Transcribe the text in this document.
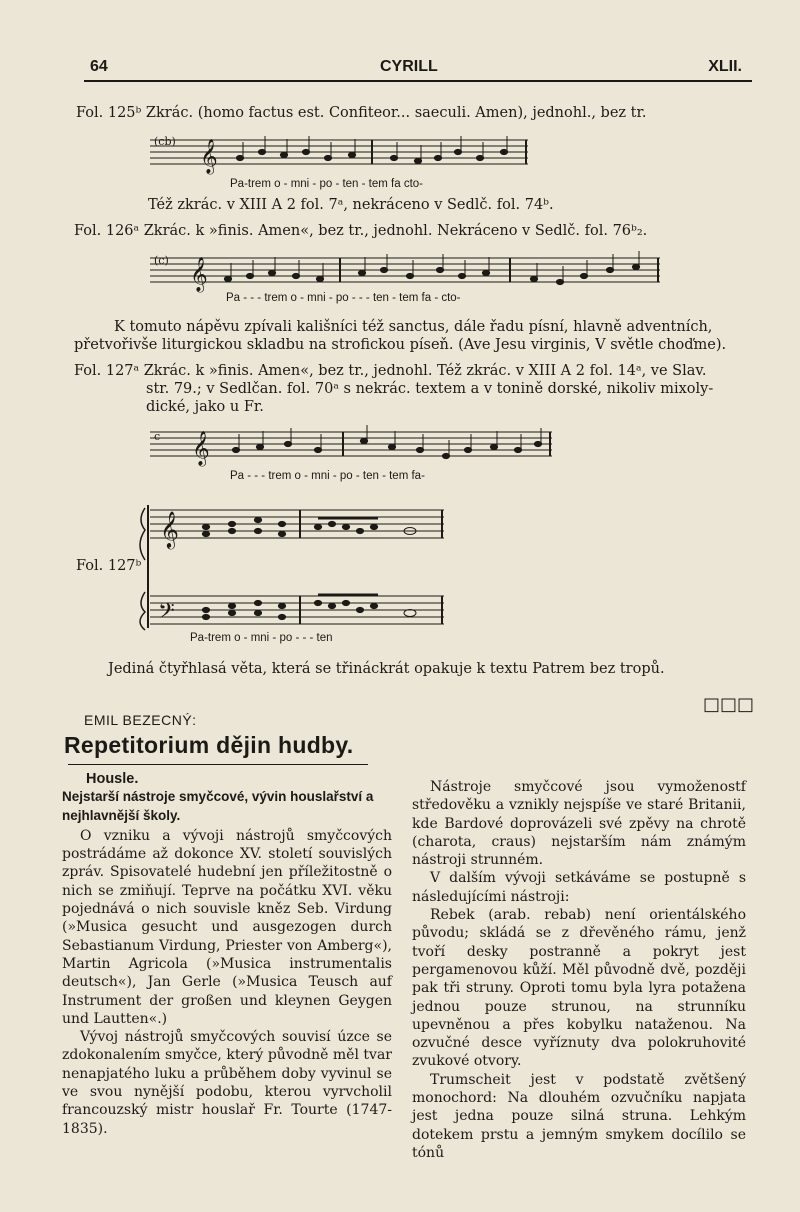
64	CYRILL	XLII.
(cb) 𝄞
(c) 𝄞
c 𝄞
𝄞
𝄢
Fol. 125ᵇ Zkrác. (homo factus est. Confiteor... saeculi. Amen), jednohl., bez tr.
Pa-trem o - mni - po - ten - tem fa cto-
Též zkrác. v XIII A 2 fol. 7ᵃ, nekráceno v Sedlč. fol. 74ᵇ.
Fol. 126ᵃ Zkrác. k »finis. Amen«, bez tr., jednohl. Nekráceno v Sedlč. fol. 76ᵇ₂.
Pa - - - trem o - mni - po - - - ten - tem fa - cto-
K tomuto nápěvu zpívali kališníci též sanctus, dále řadu písní, hlavně adventních,
přetvořivše liturgickou skladbu na strofickou píseň. (Ave Jesu virginis, V světle choďme).
Fol. 127ᵃ Zkrác. k »finis. Amen«, bez tr., jednohl. Též zkrác. v XIII A 2 fol. 14ᵃ, ve Slav.
str. 79.; v Sedlčan. fol. 70ᵃ s nekrác. textem a v tonině dorské, nikoliv mixoly-
dické, jako u Fr.
Pa - - - trem o - mni - po - ten - tem fa-
Fol. 127ᵇ
Pa-trem o - mni - po - - - ten
Jediná čtyřhlasá věta, která se třináckrát opakuje k textu Patrem bez tropů.
□□□
EMIL BEZECNÝ:
Repetitorium dějin hudby.
Housle.
Nejstarší nástroje smyčcové, vývin houslařství a nejhlavnější školy.

O vzniku a vývoji nástrojů smyčcových postrádáme až dokonce XV. století souvislých zpráv. Spisovatelé hudební jen příležitostně o nich se zmiňují. Teprve na počátku XVI. věku pojednává o nich souvisle kněz Seb. Virdung (»Musica gesucht und ausgezogen durch Sebastianum Virdung, Priester von Amberg«), Martin Agricola (»Musica instrumentalis deutsch«), Jan Gerle (»Musica Teusch auf Instrument der großen und kleynen Geygen und Lautten«.)

Vývoj nástrojů smyčcových souvisí úzce se zdokonalením smyčce, který původně měl tvar nenapjatého luku a průběhem doby vyvinul se ve svou nynější podobu, kterou vyrvcholil francouzský mistr houslař Fr. Tourte (1747-1835).

Nástroje smyčcové jsou vymoženostf středověku a vznikly nejspíše ve staré Britanii, kde Bardové doprovázeli své zpěvy na chrotě (charota, craus) nejstarším nám známým nástroji strunném.

V dalším vývoji setkáváme se postupně s následujícími nástroji:

Rebek (arab. rebab) není orientálského původu; skládá se z dřevěného rámu, jenž tvoří desky postranně a pokryt jest pergamenovou kůží. Měl původně dvě, později pak tři struny. Oproti tomu byla lyra potažena jednou pouze strunou, na strunníku upevněnou a přes kobylku nataženou. Na ozvučné desce vyříznuty dva polokruhovité zvukové otvory.

Trumscheit jest v podstatě zvětšený monochord: Na dlouhém ozvučníku napjata jest jedna pouze silná struna. Lehkým dotekem prstu a jemným smykem docílilo se tónů
